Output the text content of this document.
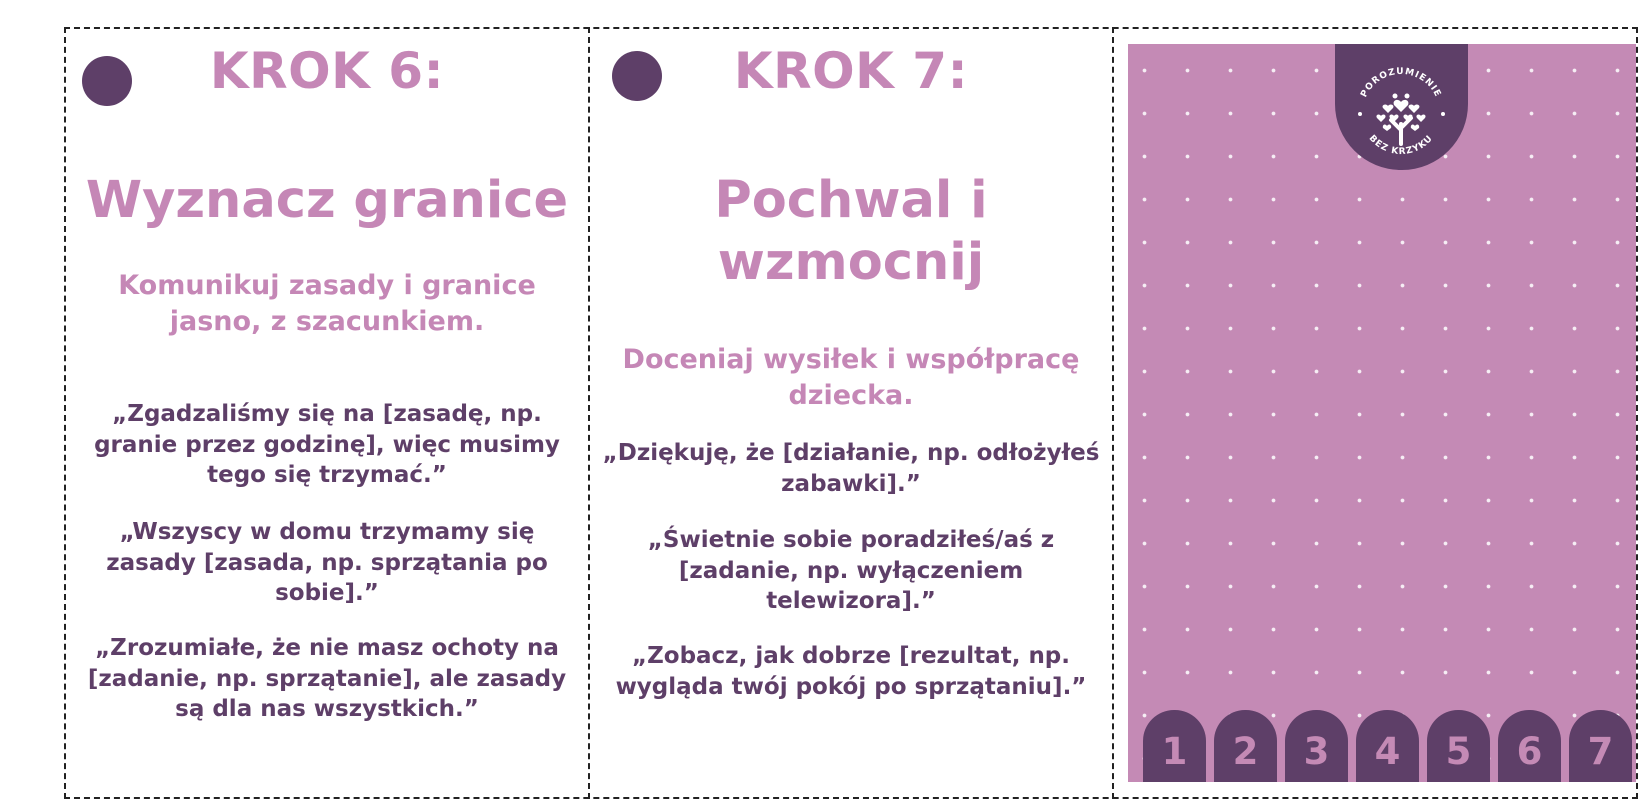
KROK 6:
Wyznacz granice
Komunikuj zasady i granice jasno, z szacunkiem.
„Zgadzaliśmy się na [zasadę, np. granie przez godzinę], więc musimy tego się trzymać.”
„Wszyscy w domu trzymamy się zasady [zasada, np. sprzątania po sobie].”
„Zrozumiałe, że nie masz ochoty na [zadanie, np. sprzątanie], ale zasady są dla nas wszystkich.”
KROK 7:
Pochwal i wzmocnij
Doceniaj wysiłek i współpracę dziecka.
„Dziękuję, że [działanie, np. odłożyłeś zabawki].”
„Świetnie sobie poradziłeś/aś z [zadanie, np. wyłączeniem telewizora].”
„Zobacz, jak dobrze [rezultat, np. wygląda twój pokój po sprzątaniu].”
POROZUMIENIE
BEZ KRZYKU
1	2	3	4	5	6	7
